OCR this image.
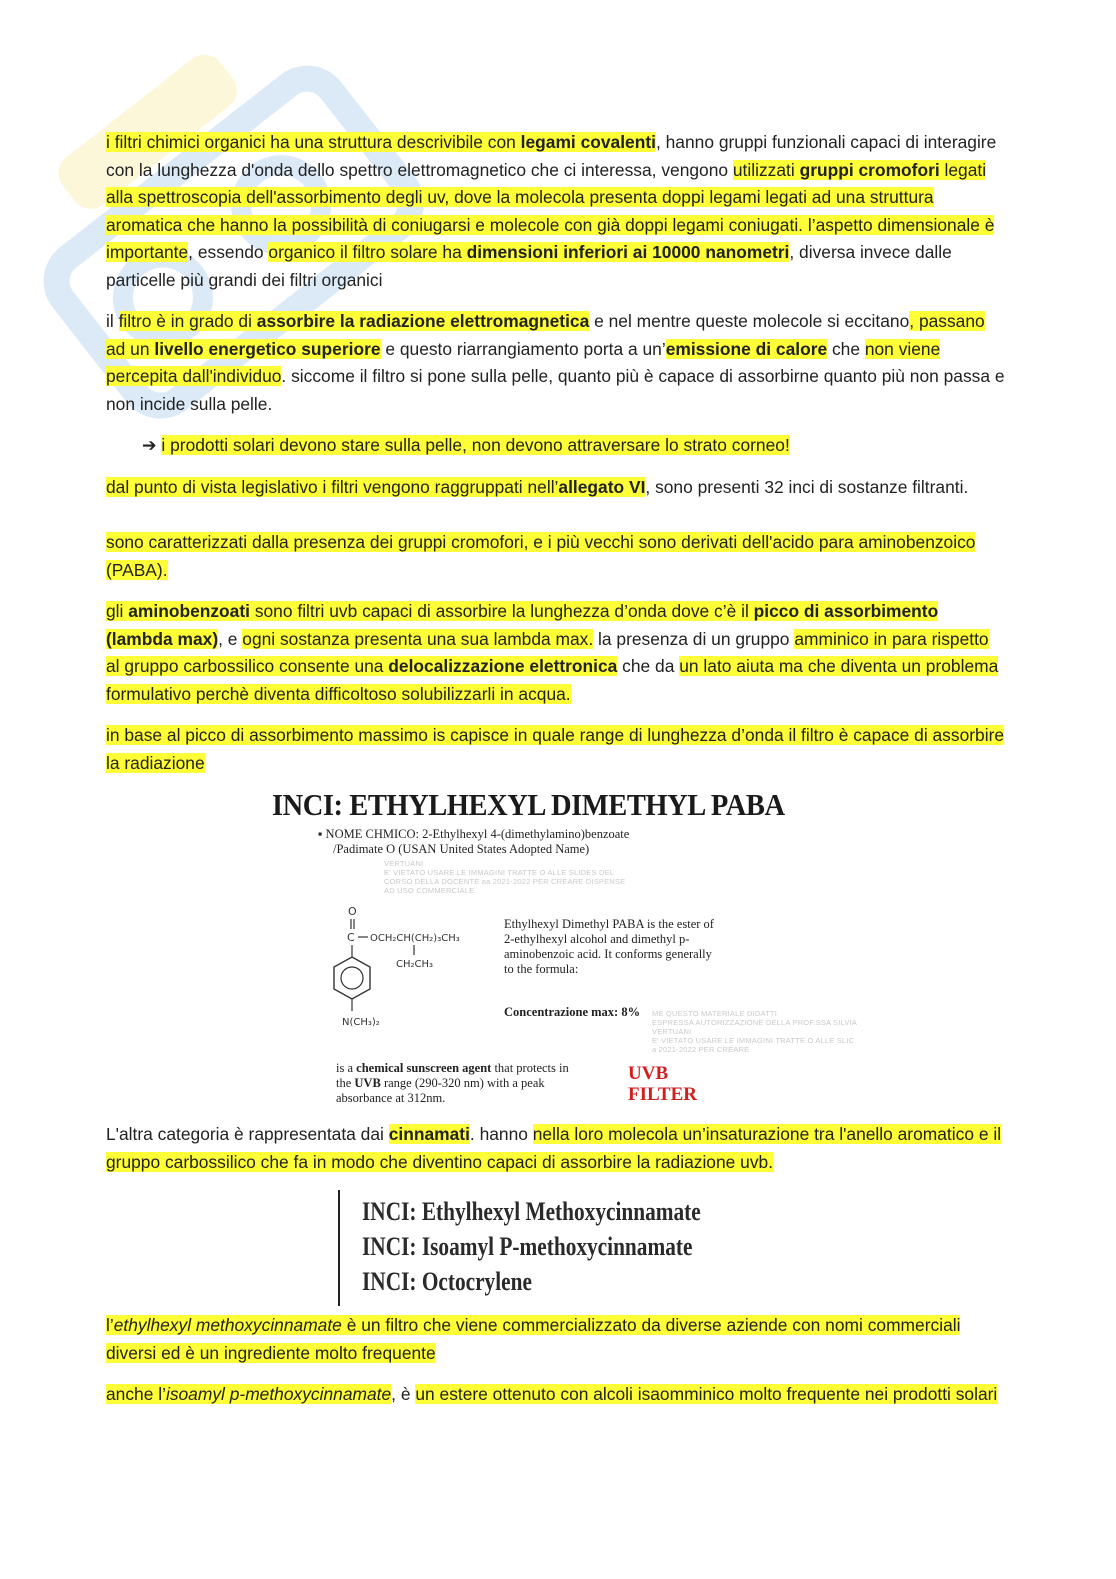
i filtri chimici organici ha una struttura descrivibile con legami covalenti, hanno gruppi funzionali capaci di interagire con la lunghezza d'onda dello spettro elettromagnetico che ci interessa, vengono utilizzati gruppi cromofori legati alla spettroscopia dell'assorbimento degli uv, dove la molecola presenta doppi legami legati ad una struttura aromatica che hanno la possibilità di coniugarsi e molecole con già doppi legami coniugati. l’aspetto dimensionale è importante, essendo organico il filtro solare ha dimensioni inferiori ai 10000 nanometri, diversa invece dalle particelle più grandi dei filtri organici

il filtro è in grado di assorbire la radiazione elettromagnetica e nel mentre queste molecole si eccitano, passano ad un livello energetico superiore e questo riarrangiamento porta a un’emissione di calore che non viene percepita dall'individuo. siccome il filtro si pone sulla pelle, quanto più è capace di assorbirne quanto più non passa e non incide sulla pelle.

➔ i prodotti solari devono stare sulla pelle, non devono attraversare lo strato corneo!

dal punto di vista legislativo i filtri vengono raggruppati nell’allegato VI, sono presenti 32 inci di sostanze filtranti.

sono caratterizzati dalla presenza dei gruppi cromofori, e i più vecchi sono derivati dell'acido para aminobenzoico (PABA).

gli aminobenzoati sono filtri uvb capaci di assorbire la lunghezza d’onda dove c’è il picco di assorbimento (lambda max), e ogni sostanza presenta una sua lambda max. la presenza di un gruppo amminico in para rispetto al gruppo carbossilico consente una delocalizzazione elettronica che da un lato aiuta ma che diventa un problema formulativo perchè diventa difficoltoso solubilizzarli in acqua.

in base al picco di assorbimento massimo is capisce in quale range di lunghezza d’onda il filtro è capace di assorbire la radiazione

INCI: ETHYLHEXYL DIMETHYL PABA
▪ NOME CHMICO: 2-Ethylhexyl 4-(dimethylamino)benzoate
/Padimate O (USAN United States Adopted Name)
VERTUANI
E' VIETATO USARE LE IMMAGINI TRATTE O ALLE SLIDES DEL
CORSO DELLA DOCENTE aa 2021-2022 PER CREARE DISPENSE
AD USO COMMERCIALE
O
C OCH₂CH(CH₂)₃CH₃
CH₂CH₃
N(CH₃)₂
Ethylhexyl Dimethyl PABA is the ester of
2-ethylhexyl alcohol and dimethyl p-
aminobenzoic acid. It conforms generally
to the formula:
Concentrazione max: 8% ME QUESTO MATERIALE DIDATTI
ESPRESSA AUTORIZZAZIONE DELLA PROF.SSA SILVIA
VERTUANI
E' VIETATO USARE LE IMMAGINI TRATTE O ALLE SLIC
a 2021-2022 PER CREARE
is a chemical sunscreen agent that protects in
the UVB range (290-320 nm) with a peak
absorbance at 312nm.
UVB
FILTER

L'altra categoria è rappresentata dai cinnamati. hanno nella loro molecola un’insaturazione tra l'anello aromatico e il gruppo carbossilico che fa in modo che diventino capaci di assorbire la radiazione uvb.

INCI: Ethylhexyl Methoxycinnamate
INCI: Isoamyl P-methoxycinnamate
INCI: Octocrylene

l’ethylhexyl methoxycinnamate è un filtro che viene commercializzato da diverse aziende con nomi commerciali diversi ed è un ingrediente molto frequente

anche l’isoamyl p-methoxycinnamate, è un estere ottenuto con alcoli isaomminico molto frequente nei prodotti solari
